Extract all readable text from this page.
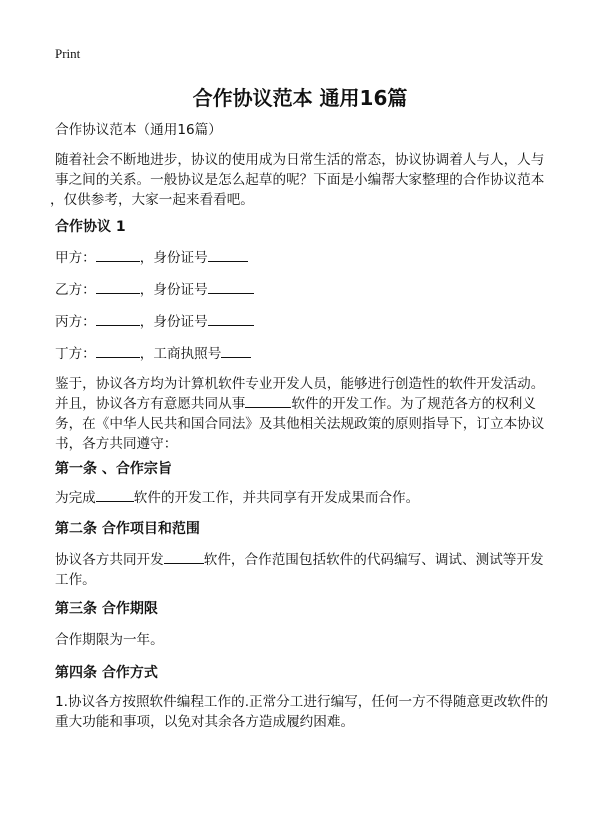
Print
合作协议范本 通用16篇
合作协议范本（通用16篇）
随着社会不断地进步，协议的使用成为日常生活的常态，协议协调着人与人，人与
事之间的关系。一般协议是怎么起草的呢？下面是小编帮大家整理的合作协议范本
，仅供参考，大家一起来看看吧。
合作协议 1
甲方：	，身份证号
乙方：	，身份证号
丙方：	，身份证号
丁方：	，工商执照号
鉴于，协议各方均为计算机软件专业开发人员，能够进行创造性的软件开发活动。
并且，协议各方有意愿共同从事	软件的开发工作。为了规范各方的权利义
务，在《中华人民共和国合同法》及其他相关法规政策的原则指导下，订立本协议
书，各方共同遵守：
第一条 、合作宗旨
为完成	软件的开发工作，并共同享有开发成果而合作。
第二条 合作项目和范围
协议各方共同开发	软件，合作范围包括软件的代码编写、调试、测试等开发
工作。
第三条 合作期限
合作期限为一年。
第四条 合作方式
1.协议各方按照软件编程工作的.正常分工进行编写，任何一方不得随意更改软件的
重大功能和事项，以免对其余各方造成履约困难。
